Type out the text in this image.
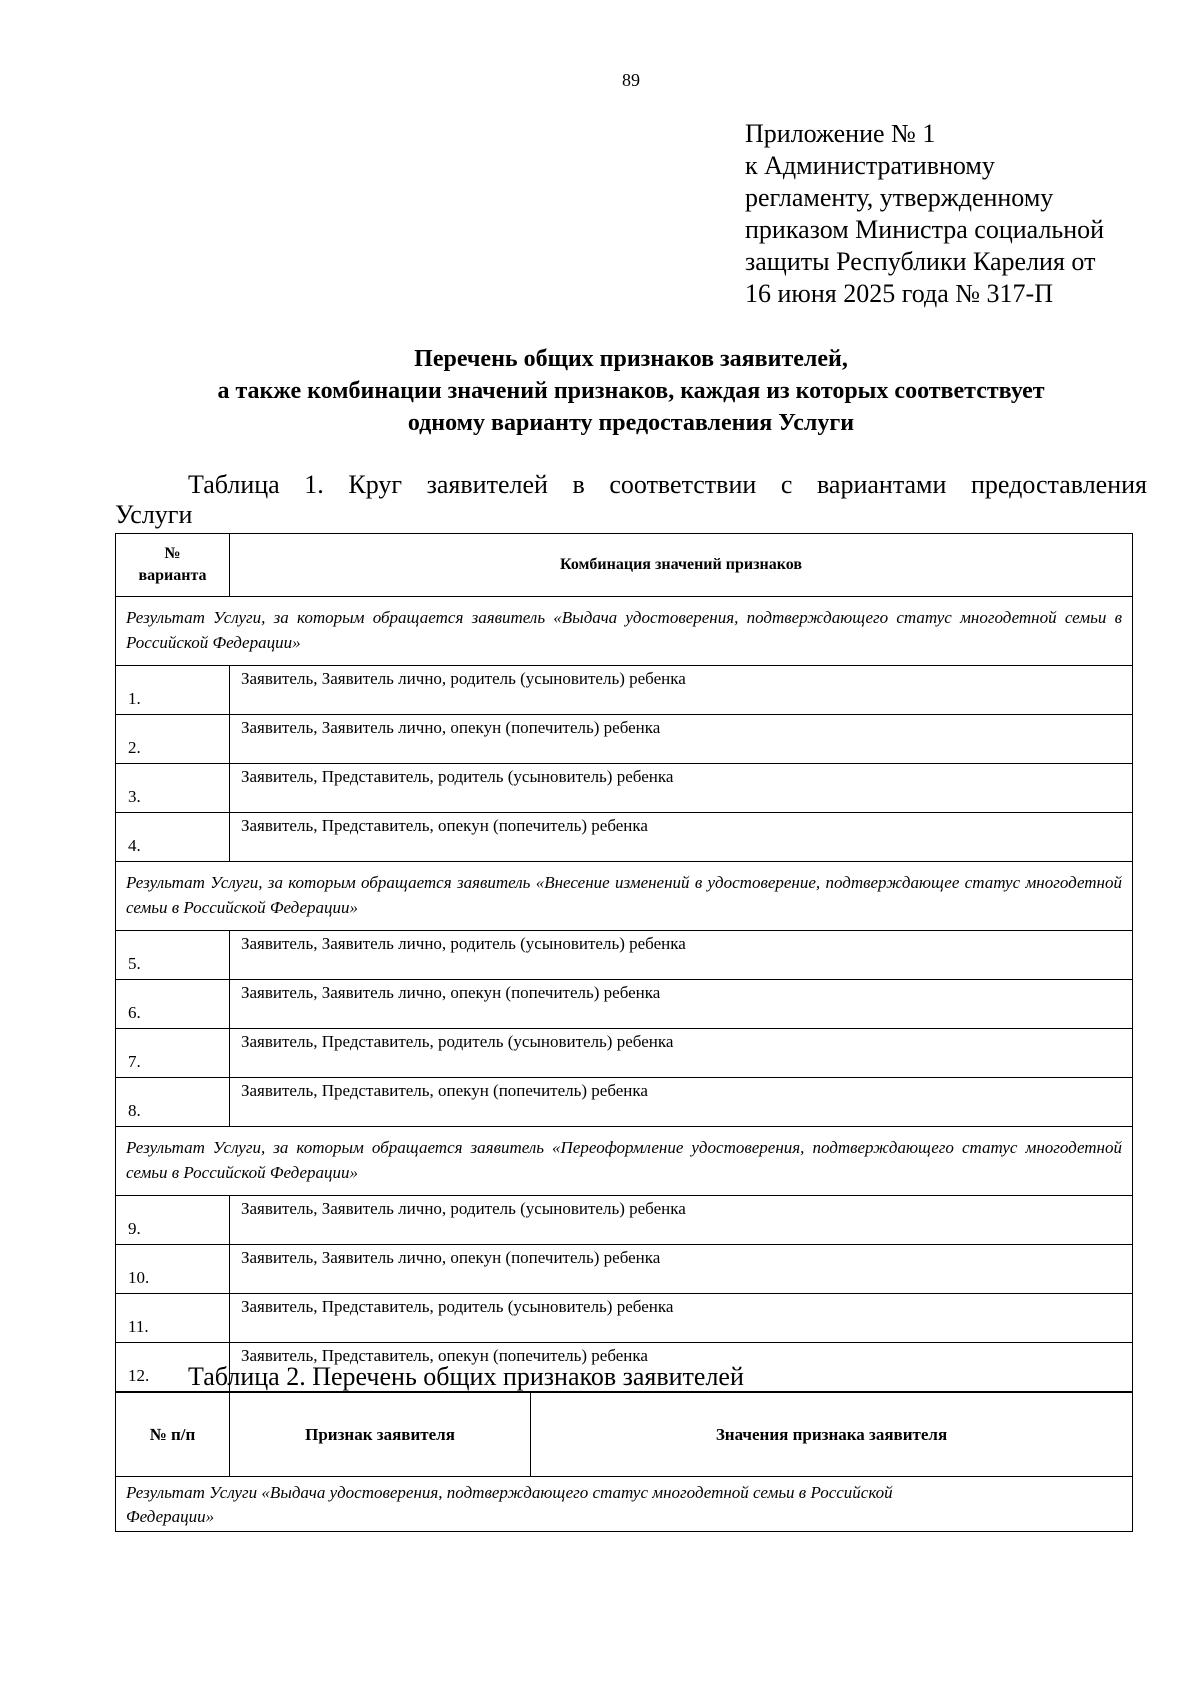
89
Приложение № 1
к Административному
регламенту, утвержденному
приказом Министра социальной
защиты Республики Карелия от
16 июня 2025 года № 317-П
Перечень общих признаков заявителей,
а также комбинации значений признаков, каждая из которых соответствует
одному варианту предоставления Услуги
Таблица 1. Круг заявителей в соответствии с вариантами предоставления
Услуги
№
варианта	Комбинация значений признаков
Результат Услуги, за которым обращается заявитель «Выдача удостоверения, подтверждающего статус многодетной семьи в Российской Федерации»	
1.	Заявитель, Заявитель лично, родитель (усыновитель) ребенка
2.	Заявитель, Заявитель лично, опекун (попечитель) ребенка
3.	Заявитель, Представитель, родитель (усыновитель) ребенка
4.	Заявитель, Представитель, опекун (попечитель) ребенка
Результат Услуги, за которым обращается заявитель «Внесение изменений в удостоверение, подтверждающее статус многодетной семьи в Российской Федерации»	
5.	Заявитель, Заявитель лично, родитель (усыновитель) ребенка
6.	Заявитель, Заявитель лично, опекун (попечитель) ребенка
7.	Заявитель, Представитель, родитель (усыновитель) ребенка
8.	Заявитель, Представитель, опекун (попечитель) ребенка
Результат Услуги, за которым обращается заявитель «Переоформление удостоверения, подтверждающего статус многодетной семьи в Российской Федерации»	
9.	Заявитель, Заявитель лично, родитель (усыновитель) ребенка
10.	Заявитель, Заявитель лично, опекун (попечитель) ребенка
11.	Заявитель, Представитель, родитель (усыновитель) ребенка
12.	Заявитель, Представитель, опекун (попечитель) ребенка
Таблица 2. Перечень общих признаков заявителей
№ п/п	Признак заявителя	Значения признака заявителя

Результат Услуги «Выдача удостоверения, подтверждающего статус многодетной семьи в Российской
Федерации»
